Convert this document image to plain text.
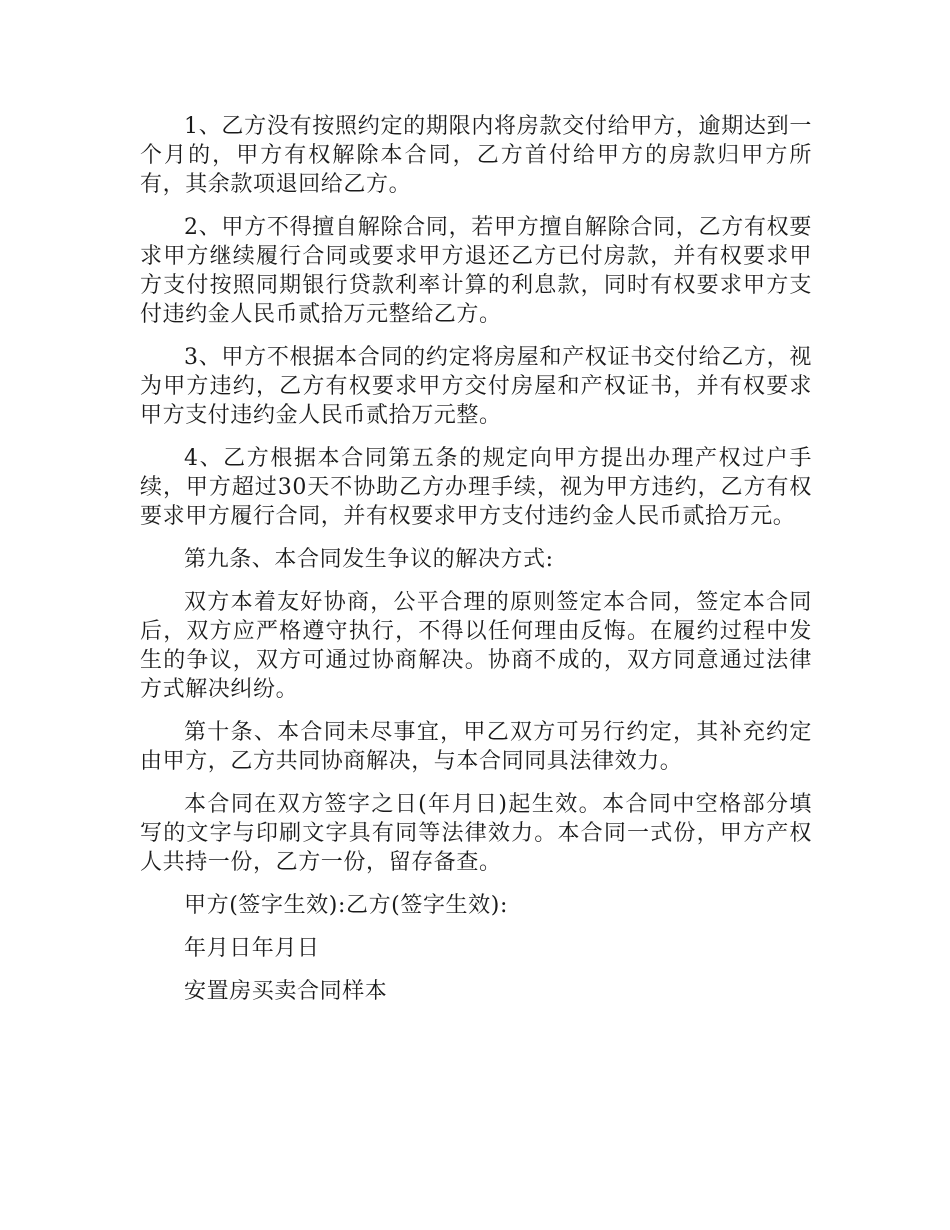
1、乙方没有按照约定的期限内将房款交付给甲方，逾期达到一个月的，甲方有权解除本合同，乙方首付给甲方的房款归甲方所有，其余款项退回给乙方。

2、甲方不得擅自解除合同，若甲方擅自解除合同，乙方有权要求甲方继续履行合同或要求甲方退还乙方已付房款，并有权要求甲方支付按照同期银行贷款利率计算的利息款，同时有权要求甲方支付违约金人民币贰拾万元整给乙方。

3、甲方不根据本合同的约定将房屋和产权证书交付给乙方，视为甲方违约，乙方有权要求甲方交付房屋和产权证书，并有权要求甲方支付违约金人民币贰拾万元整。

4、乙方根据本合同第五条的规定向甲方提出办理产权过户手续，甲方超过30天不协助乙方办理手续，视为甲方违约，乙方有权要求甲方履行合同，并有权要求甲方支付违约金人民币贰拾万元。

第九条、本合同发生争议的解决方式:

双方本着友好协商，公平合理的原则签定本合同，签定本合同后，双方应严格遵守执行，不得以任何理由反悔。在履约过程中发生的争议，双方可通过协商解决。协商不成的，双方同意通过法律方式解决纠纷。

第十条、本合同未尽事宜，甲乙双方可另行约定，其补充约定由甲方，乙方共同协商解决，与本合同同具法律效力。

本合同在双方签字之日(年月日)起生效。本合同中空格部分填写的文字与印刷文字具有同等法律效力。本合同一式份，甲方产权人共持一份，乙方一份，留存备查。

甲方(签字生效):乙方(签字生效):

年月日年月日

安置房买卖合同样本
